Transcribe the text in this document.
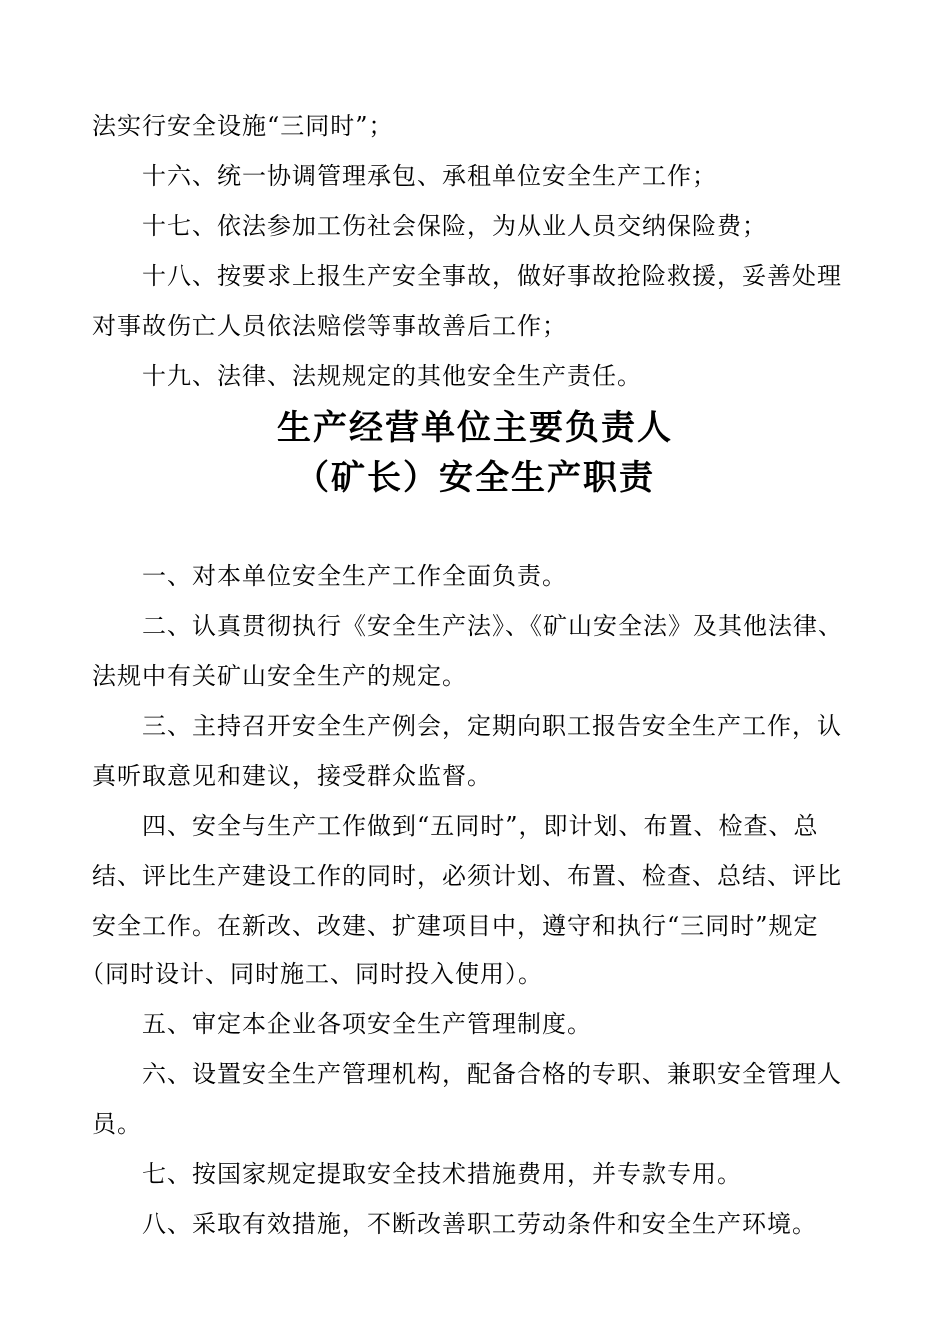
法实行安全设施“三同时”；
十六、统一协调管理承包、承租单位安全生产工作；
十七、依法参加工伤社会保险，为从业人员交纳保险费；
十八、按要求上报生产安全事故，做好事故抢险救援，妥善处理
对事故伤亡人员依法赔偿等事故善后工作；
十九、法律、法规规定的其他安全生产责任。
生产经营单位主要负责人
（矿长）安全生产职责
一、对本单位安全生产工作全面负责。
二、认真贯彻执行《安全生产法》、《矿山安全法》及其他法律、
法规中有关矿山安全生产的规定。
三、主持召开安全生产例会，定期向职工报告安全生产工作，认
真听取意见和建议，接受群众监督。
四、安全与生产工作做到“五同时”，即计划、布置、检查、总
结、评比生产建设工作的同时，必须计划、布置、检查、总结、评比
安全工作。在新改、改建、扩建项目中，遵守和执行“三同时”规定
（同时设计、同时施工、同时投入使用）。
五、审定本企业各项安全生产管理制度。
六、设置安全生产管理机构，配备合格的专职、兼职安全管理人
员。
七、按国家规定提取安全技术措施费用，并专款专用。
八、采取有效措施，不断改善职工劳动条件和安全生产环境。
